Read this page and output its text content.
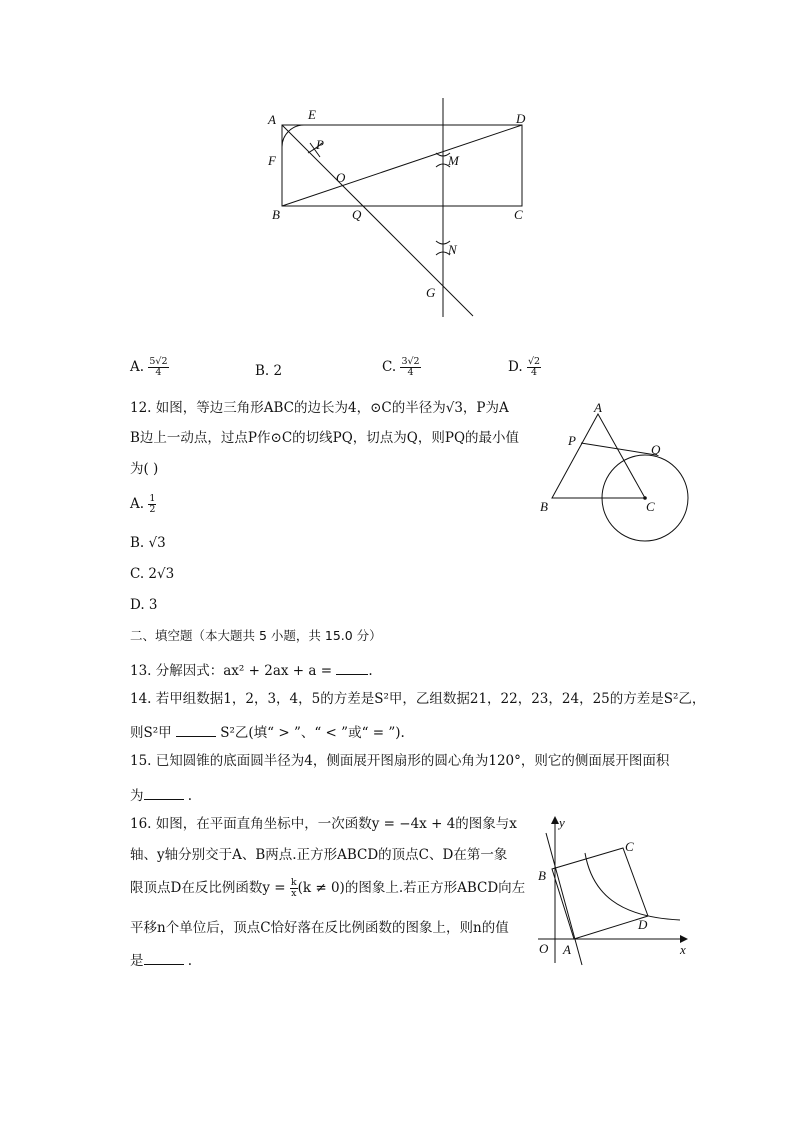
A E	D
F
P
M
O
B	Q	C
N
G
A. $\frac{5√2}{4}$	B. 2	C. $\frac{3√2}{4}$	D. $\frac{√2}{4}$
12. 如图，等边三角形ABC的边长为4，⊙C的半径为√3，P为A
B边上一动点，过点P作⊙C的切线PQ，切点为Q，则PQ的最小值
为( )
A. $\frac{1}{2}$
B. √3
C. 2√3
D. 3
A
P
Q
B	C
二、填空题（本大题共 5 小题，共 15.0 分）
13. 分解因式：ax² + 2ax + a = .
14. 若甲组数据1，2，3，4，5的方差是S²甲，乙组数据21，22，23，24，25的方差是S²乙，
则S²甲	S²乙(填“ > ”、“ < ”或“ = ”).
15. 已知圆锥的底面圆半径为4，侧面展开图扇形的圆心角为120°，则它的侧面展开图面积
为	.
16. 如图，在平面直角坐标中，一次函数y = −4x + 4的图象与x
轴、y轴分别交于A、B两点.正方形ABCD的顶点C、D在第一象
限顶点D在反比例函数$y = \frac{k}{x} (k \ne 0)$的图象上.若正方形ABCD向左
平移n个单位后，顶点C恰好落在反比例函数的图象上，则n的值
是	.
y
x
C
B
D
O A
